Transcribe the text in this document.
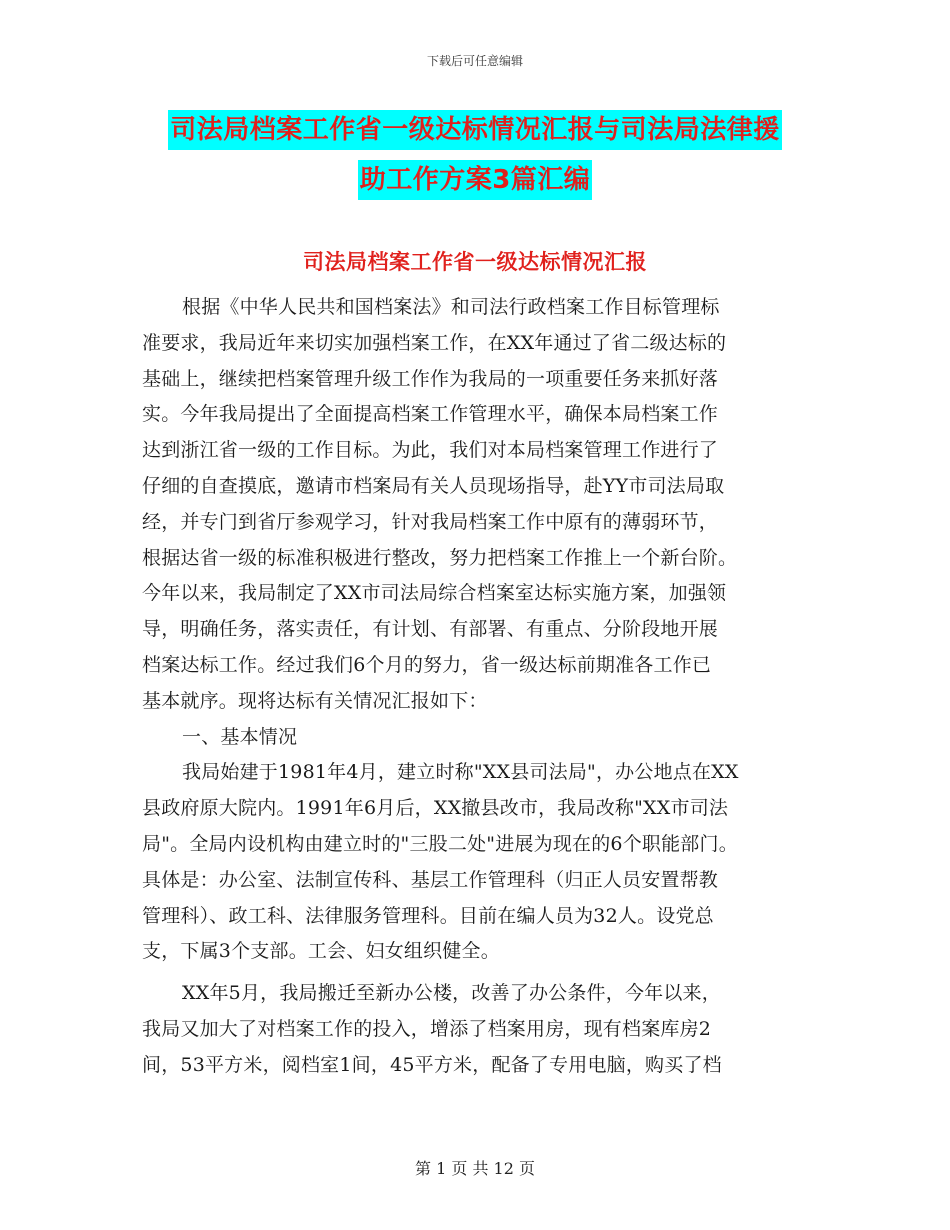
下载后可任意编辑
司法局档案工作省一级达标情况汇报与司法局法律援
助工作方案3篇汇编
司法局档案工作省一级达标情况汇报

根据《中华人民共和国档案法》和司法行政档案工作目标管理标

准要求，我局近年来切实加强档案工作，在XX年通过了省二级达标的

基础上，继续把档案管理升级工作作为我局的一项重要任务来抓好落

实。今年我局提出了全面提高档案工作管理水平，确保本局档案工作

达到浙江省一级的工作目标。为此，我们对本局档案管理工作进行了

仔细的自查摸底，邀请市档案局有关人员现场指导，赴YY市司法局取

经，并专门到省厅参观学习，针对我局档案工作中原有的薄弱环节，

根据达省一级的标准积极进行整改，努力把档案工作推上一个新台阶。

今年以来，我局制定了XX市司法局综合档案室达标实施方案，加强领

导，明确任务，落实责任，有计划、有部署、有重点、分阶段地开展

档案达标工作。经过我们6个月的努力，省一级达标前期准各工作已

基本就序。现将达标有关情况汇报如下：

一、基本情况

我局始建于1981年4月，建立时称"XX县司法局"，办公地点在XX

县政府原大院内。1991年6月后，XX撤县改市，我局改称"XX市司法

局"。全局内设机构由建立时的"三股二处"进展为现在的6个职能部门。

具体是：办公室、法制宣传科、基层工作管理科（归正人员安置帮教

管理科）、政工科、法律服务管理科。目前在编人员为32人。设党总

支，下属3个支部。工会、妇女组织健全。

XX年5月，我局搬迁至新办公楼，改善了办公条件，今年以来，

我局又加大了对档案工作的投入，增添了档案用房，现有档案库房2

间，53平方米，阅档室1间，45平方米，配备了专用电脑，购买了档

第 1 页 共 12 页
